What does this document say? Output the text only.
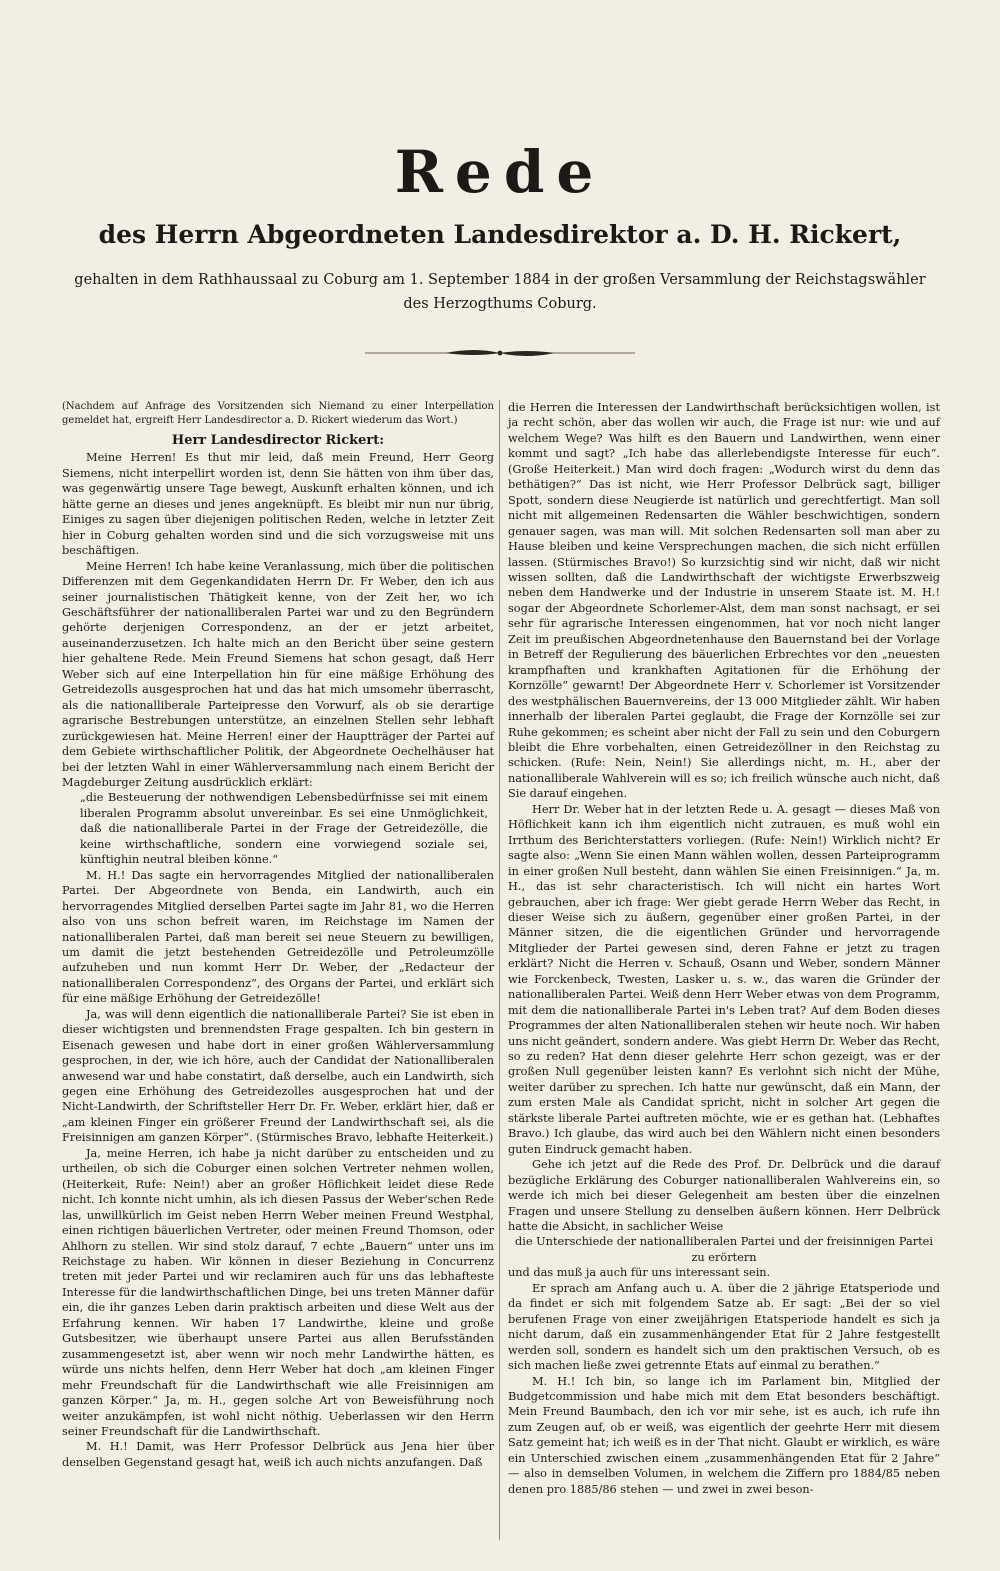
Rede
des Herrn Abgeordneten Landesdirektor a. D. H. Rickert,
gehalten in dem Rathhaussaal zu Coburg am 1. September 1884 in der großen Versammlung der Reichstagswähler
des Herzogthums Coburg.

(Nachdem auf Anfrage des Vorsitzenden sich Niemand zu einer Interpellation gemeldet hat, ergreift Herr Landesdirector a. D. Rickert wiederum das Wort.)

Herr Landesdirector Rickert:

Meine Herren! Es thut mir leid, daß mein Freund, Herr Georg Siemens, nicht interpellirt worden ist, denn Sie hätten von ihm über das, was gegenwärtig unsere Tage bewegt, Auskunft erhalten können, und ich hätte gerne an dieses und jenes angeknüpft. Es bleibt mir nun nur übrig, Einiges zu sagen über diejenigen politischen Reden, welche in letzter Zeit hier in Coburg gehalten worden sind und die sich vorzugsweise mit uns beschäftigen.

Meine Herren! Ich habe keine Veranlassung, mich über die politischen Differenzen mit dem Gegenkandidaten Herrn Dr. Fr Weber, den ich aus seiner journalistischen Thätigkeit kenne, von der Zeit her, wo ich Geschäftsführer der nationalliberalen Partei war und zu den Begründern gehörte derjenigen Correspondenz, an der er jetzt arbeitet, auseinanderzusetzen. Ich halte mich an den Bericht über seine gestern hier gehaltene Rede. Mein Freund Siemens hat schon gesagt, daß Herr Weber sich auf eine Interpellation hin für eine mäßige Erhöhung des Getreidezolls ausgesprochen hat und das hat mich umsomehr überrascht, als die nationalliberale Parteipresse den Vorwurf, als ob sie derartige agrarische Bestrebungen unterstütze, an einzelnen Stellen sehr lebhaft zurückgewiesen hat. Meine Herren! einer der Hauptträger der Partei auf dem Gebiete wirthschaftlicher Politik, der Abgeordnete Oechelhäuser hat bei der letzten Wahl in einer Wählerversammlung nach einem Bericht der Magdeburger Zeitung ausdrücklich erklärt:

„die Besteuerung der nothwendigen Lebensbedürfnisse sei mit einem liberalen Programm absolut unvereinbar. Es sei eine Unmöglichkeit, daß die nationalliberale Partei in der Frage der Getreidezölle, die keine wirthschaftliche, sondern eine vorwiegend soziale sei, künftighin neutral bleiben könne.“

M. H.! Das sagte ein hervorragendes Mitglied der nationalliberalen Partei. Der Abgeordnete von Benda, ein Landwirth, auch ein hervorragendes Mitglied derselben Partei sagte im Jahr 81, wo die Herren also von uns schon befreit waren, im Reichstage im Namen der nationalliberalen Partei, daß man bereit sei neue Steuern zu bewilligen, um damit die jetzt bestehenden Getreidezölle und Petroleumzölle aufzuheben und nun kommt Herr Dr. Weber, der „Redacteur der nationalliberalen Correspondenz“, des Organs der Partei, und erklärt sich für eine mäßige Erhöhung der Getreidezölle!

Ja, was will denn eigentlich die nationalliberale Partei? Sie ist eben in dieser wichtigsten und brennendsten Frage gespalten. Ich bin gestern in Eisenach gewesen und habe dort in einer großen Wählerversammlung gesprochen, in der, wie ich höre, auch der Candidat der Nationalliberalen anwesend war und habe constatirt, daß derselbe, auch ein Landwirth, sich gegen eine Erhöhung des Getreidezolles ausgesprochen hat und der Nicht-Landwirth, der Schriftsteller Herr Dr. Fr. Weber, erklärt hier, daß er „am kleinen Finger ein größerer Freund der Landwirthschaft sei, als die Freisinnigen am ganzen Körper“. (Stürmisches Bravo, lebhafte Heiterkeit.)

Ja, meine Herren, ich habe ja nicht darüber zu entscheiden und zu urtheilen, ob sich die Coburger einen solchen Vertreter nehmen wollen, (Heiterkeit, Rufe: Nein!) aber an großer Höflichkeit leidet diese Rede nicht. Ich konnte nicht umhin, als ich diesen Passus der Weber'schen Rede las, unwillkürlich im Geist neben Herrn Weber meinen Freund Westphal, einen richtigen bäuerlichen Vertreter, oder meinen Freund Thomson, oder Ahlhorn zu stellen. Wir sind stolz darauf, 7 echte „Bauern“ unter uns im Reichstage zu haben. Wir können in dieser Beziehung in Concurrenz treten mit jeder Partei und wir reclamiren auch für uns das lebhafteste Interesse für die landwirthschaftlichen Dinge, bei uns treten Männer dafür ein, die ihr ganzes Leben darin praktisch arbeiten und diese Welt aus der Erfahrung kennen. Wir haben 17 Landwirthe, kleine und große Gutsbesitzer, wie überhaupt unsere Partei aus allen Berufsständen zusammengesetzt ist, aber wenn wir noch mehr Landwirthe hätten, es würde uns nichts helfen, denn Herr Weber hat doch „am kleinen Finger mehr Freundschaft für die Landwirthschaft wie alle Freisinnigen am ganzen Körper.“ Ja, m. H., gegen solche Art von Beweisführung noch weiter anzukämpfen, ist wohl nicht nöthig. Ueberlassen wir den Herrn seiner Freundschaft für die Landwirthschaft.

M. H.! Damit, was Herr Professor Delbrück aus Jena hier über denselben Gegenstand gesagt hat, weiß ich auch nichts anzufangen. Daß

die Herren die Interessen der Landwirthschaft berücksichtigen wollen, ist ja recht schön, aber das wollen wir auch, die Frage ist nur: wie und auf welchem Wege? Was hilft es den Bauern und Landwirthen, wenn einer kommt und sagt? „Ich habe das allerlebendigste Interesse für euch“. (Große Heiterkeit.) Man wird doch fragen: „Wodurch wirst du denn das bethätigen?“ Das ist nicht, wie Herr Professor Delbrück sagt, billiger Spott, sondern diese Neugierde ist natürlich und gerechtfertigt. Man soll nicht mit allgemeinen Redensarten die Wähler beschwichtigen, sondern genauer sagen, was man will. Mit solchen Redensarten soll man aber zu Hause bleiben und keine Versprechungen machen, die sich nicht erfüllen lassen. (Stürmisches Bravo!) So kurzsichtig sind wir nicht, daß wir nicht wissen sollten, daß die Landwirthschaft der wichtigste Erwerbszweig neben dem Handwerke und der Industrie in unserem Staate ist. M. H.! sogar der Abgeordnete Schorlemer-Alst, dem man sonst nachsagt, er sei sehr für agrarische Interessen eingenommen, hat vor noch nicht langer Zeit im preußischen Abgeordnetenhause den Bauernstand bei der Vorlage in Betreff der Regulierung des bäuerlichen Erbrechtes vor den „neuesten krampfhaften und krankhaften Agitationen für die Erhöhung der Kornzölle“ gewarnt! Der Abgeordnete Herr v. Schorlemer ist Vorsitzender des westphälischen Bauernvereins, der 13 000 Mitglieder zählt. Wir haben innerhalb der liberalen Partei geglaubt, die Frage der Kornzölle sei zur Ruhe gekommen; es scheint aber nicht der Fall zu sein und den Coburgern bleibt die Ehre vorbehalten, einen Getreidezöllner in den Reichstag zu schicken. (Rufe: Nein, Nein!) Sie allerdings nicht, m. H., aber der nationalliberale Wahlverein will es so; ich freilich wünsche auch nicht, daß Sie darauf eingehen.

Herr Dr. Weber hat in der letzten Rede u. A. gesagt — dieses Maß von Höflichkeit kann ich ihm eigentlich nicht zutrauen, es muß wohl ein Irrthum des Berichterstatters vorliegen. (Rufe: Nein!) Wirklich nicht? Er sagte also: „Wenn Sie einen Mann wählen wollen, dessen Parteiprogramm in einer großen Null besteht, dann wählen Sie einen Freisinnigen.“ Ja, m. H., das ist sehr characteristisch. Ich will nicht ein hartes Wort gebrauchen, aber ich frage: Wer giebt gerade Herrn Weber das Recht, in dieser Weise sich zu äußern, gegenüber einer großen Partei, in der Männer sitzen, die die eigentlichen Gründer und hervorragende Mitglieder der Partei gewesen sind, deren Fahne er jetzt zu tragen erklärt? Nicht die Herren v. Schauß, Osann und Weber, sondern Männer wie Forckenbeck, Twesten, Lasker u. s. w., das waren die Gründer der nationalliberalen Partei. Weiß denn Herr Weber etwas von dem Programm, mit dem die nationalliberale Partei in's Leben trat? Auf dem Boden dieses Programmes der alten Nationalliberalen stehen wir heute noch. Wir haben uns nicht geändert, sondern andere. Was giebt Herrn Dr. Weber das Recht, so zu reden? Hat denn dieser gelehrte Herr schon gezeigt, was er der großen Null gegenüber leisten kann? Es verlohnt sich nicht der Mühe, weiter darüber zu sprechen. Ich hatte nur gewünscht, daß ein Mann, der zum ersten Male als Candidat spricht, nicht in solcher Art gegen die stärkste liberale Partei auftreten möchte, wie er es gethan hat. (Lebhaftes Bravo.) Ich glaube, das wird auch bei den Wählern nicht einen besonders guten Eindruck gemacht haben.

Gehe ich jetzt auf die Rede des Prof. Dr. Delbrück und die darauf bezügliche Erklärung des Coburger nationalliberalen Wahlvereins ein, so werde ich mich bei dieser Gelegenheit am besten über die einzelnen Fragen und unsere Stellung zu denselben äußern können. Herr Delbrück hatte die Absicht, in sachlicher Weise

die Unterschiede der nationalliberalen Partei und der freisinnigen Partei zu erörtern

und das muß ja auch für uns interessant sein.

Er sprach am Anfang auch u. A. über die 2 jährige Etatsperiode und da findet er sich mit folgendem Satze ab. Er sagt: „Bei der so viel berufenen Frage von einer zweijährigen Etatsperiode handelt es sich ja nicht darum, daß ein zusammenhängender Etat für 2 Jahre festgestellt werden soll, sondern es handelt sich um den praktischen Versuch, ob es sich machen ließe zwei getrennte Etats auf einmal zu berathen.“

M. H.! Ich bin, so lange ich im Parlament bin, Mitglied der Budgetcommission und habe mich mit dem Etat besonders beschäftigt. Mein Freund Baumbach, den ich vor mir sehe, ist es auch, ich rufe ihn zum Zeugen auf, ob er weiß, was eigentlich der geehrte Herr mit diesem Satz gemeint hat; ich weiß es in der That nicht. Glaubt er wirklich, es wäre ein Unterschied zwischen einem „zusammenhängenden Etat für 2 Jahre“ — also in demselben Volumen, in welchem die Ziffern pro 1884/85 neben denen pro 1885/86 stehen — und zwei in zwei beson-
